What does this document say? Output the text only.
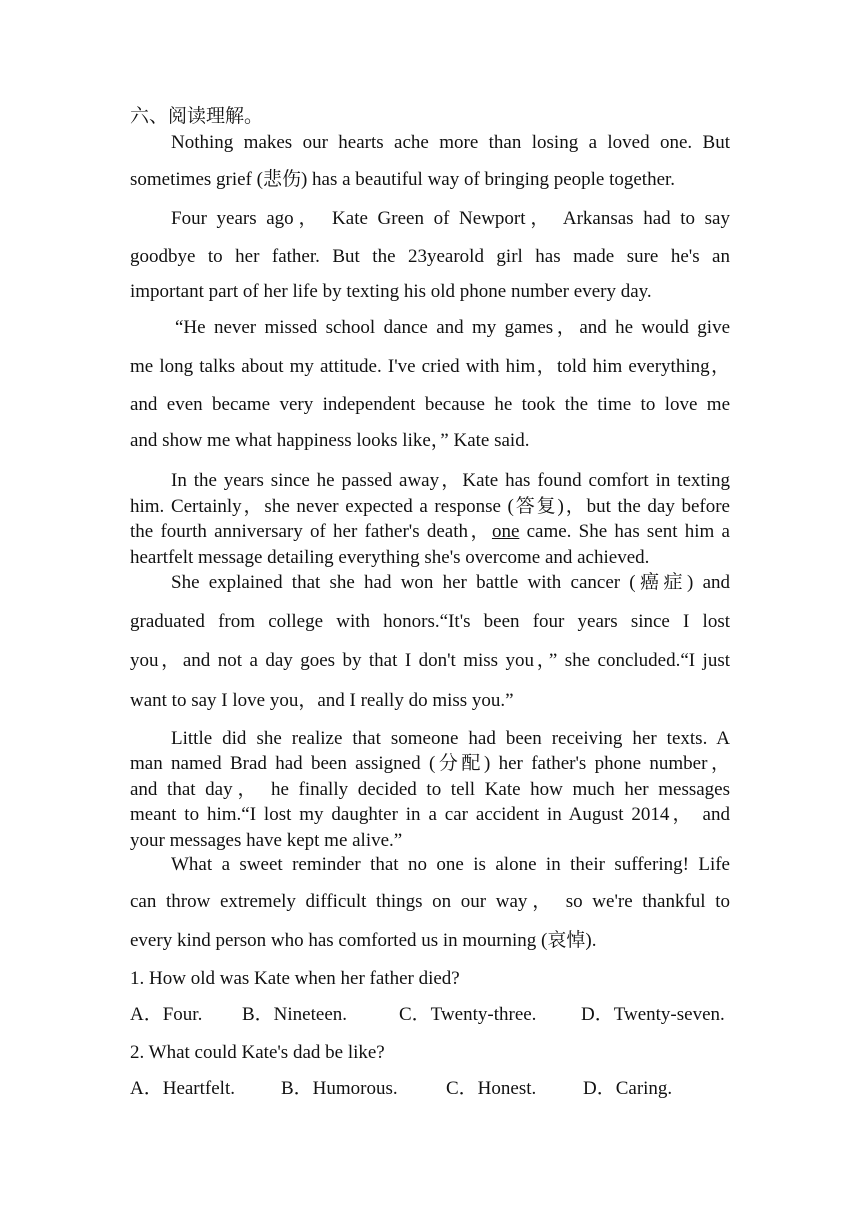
六、阅读理解。
Nothing makes our hearts ache more than losing a loved one. But
sometimes grief (悲伤) has a beautiful way of bringing people together.
Four years ago， Kate Green of Newport， Arkansas had to say
goodbye to her father. But the 23yearold girl has made sure he's an
important part of her life by texting his old phone number every day.
“He never missed school dance and my games，and he would give
me long talks about my attitude. I've cried with him，told him everything，
and even became very independent because he took the time to love me
and show me what happiness looks like，” Kate said.
In the years since he passed away，Kate has found comfort in texting
him. Certainly，she never expected a response (答复)，but the day before
the fourth anniversary of her father's death，one came. She has sent him a
heartfelt message detailing everything she's overcome and achieved.
She explained that she had won her battle with cancer (癌症) and
graduated from college with honors.“It's been four years since I lost
you，and not a day goes by that I don't miss you，” she concluded.“I just
want to say I love you，and I really do miss you.”
Little did she realize that someone had been receiving her texts. A
man named Brad had been assigned (分配) her father's phone number，
and that day， he finally decided to tell Kate how much her messages
meant to him.“I lost my daughter in a car accident in August 2014， and
your messages have kept me alive.”
What a sweet reminder that no one is alone in their suffering! Life
can throw extremely difficult things on our way， so we're thankful to
every kind person who has comforted us in mourning (哀悼).
1. How old was Kate when her father died?
A．Four. B．Nineteen.	C．Twenty-three. D．Twenty-seven.
2. What could Kate's dad be like?
A．Heartfelt. B．Humorous.	C．Honest. D．Caring.
